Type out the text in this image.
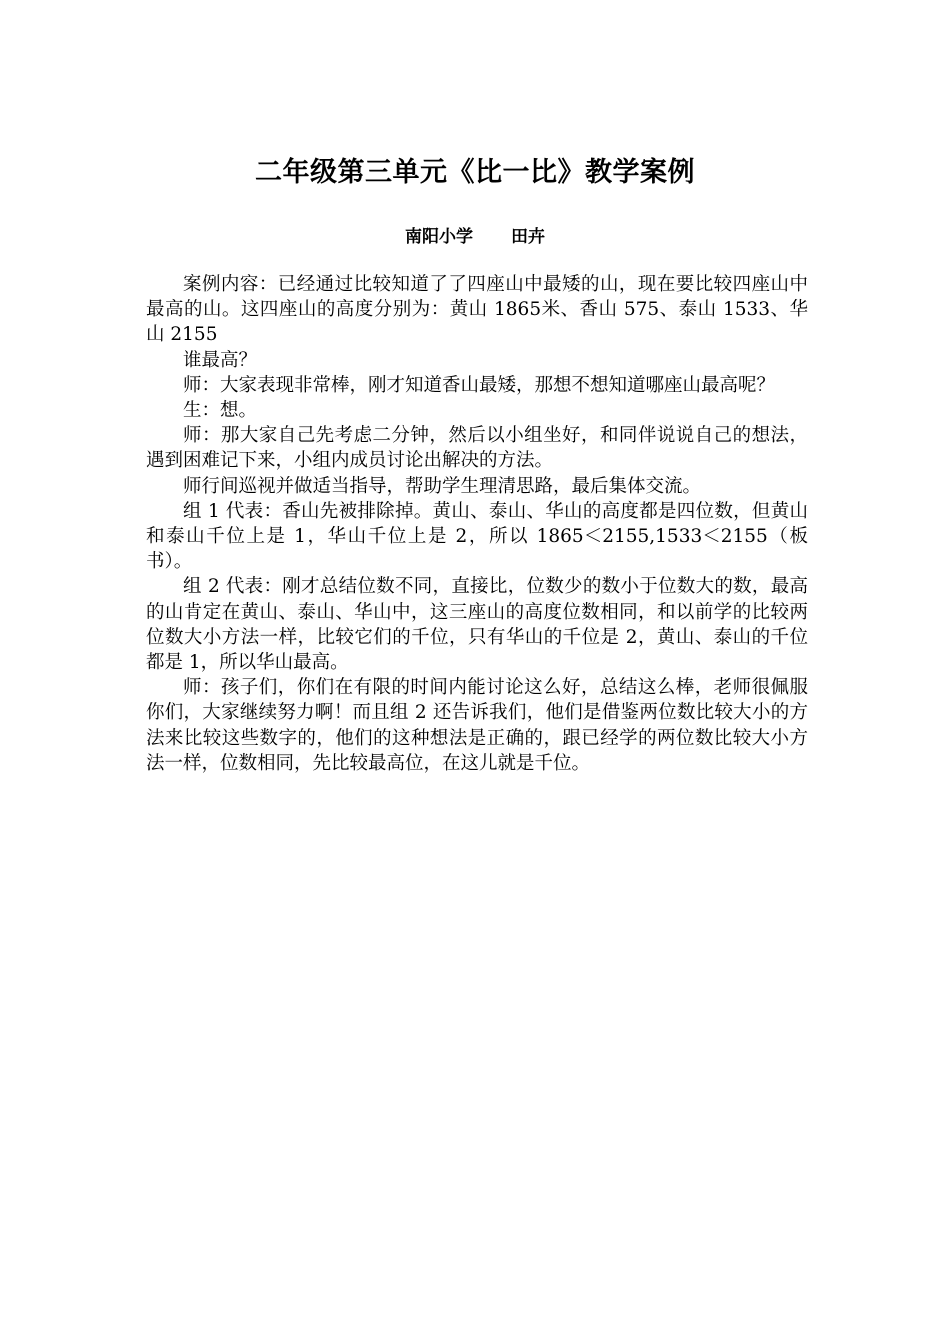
二年级第三单元《比一比》教学案例
南阳小学 田卉

案例内容：已经通过比较知道了了四座山中最矮的山，现在要比较四座山中最高的山。这四座山的高度分别为：黄山 1865米、香山 575、泰山 1533、华山 2155

谁最高？

师：大家表现非常棒，刚才知道香山最矮，那想不想知道哪座山最高呢？

生：想。

师：那大家自己先考虑二分钟，然后以小组坐好，和同伴说说自己的想法，遇到困难记下来，小组内成员讨论出解决的方法。

师行间巡视并做适当指导，帮助学生理清思路，最后集体交流。

组 1 代表：香山先被排除掉。黄山、泰山、华山的高度都是四位数，但黄山和泰山千位上是 1，华山千位上是 2，所以 1865＜2155,1533＜2155（板书）。

组 2 代表：刚才总结位数不同，直接比，位数少的数小于位数大的数，最高的山肯定在黄山、泰山、华山中，这三座山的高度位数相同，和以前学的比较两位数大小方法一样，比较它们的千位，只有华山的千位是 2，黄山、泰山的千位都是 1，所以华山最高。

师：孩子们，你们在有限的时间内能讨论这么好，总结这么棒，老师很佩服你们，大家继续努力啊！而且组 2 还告诉我们，他们是借鉴两位数比较大小的方法来比较这些数字的，他们的这种想法是正确的，跟已经学的两位数比较大小方法一样，位数相同，先比较最高位，在这儿就是千位。
